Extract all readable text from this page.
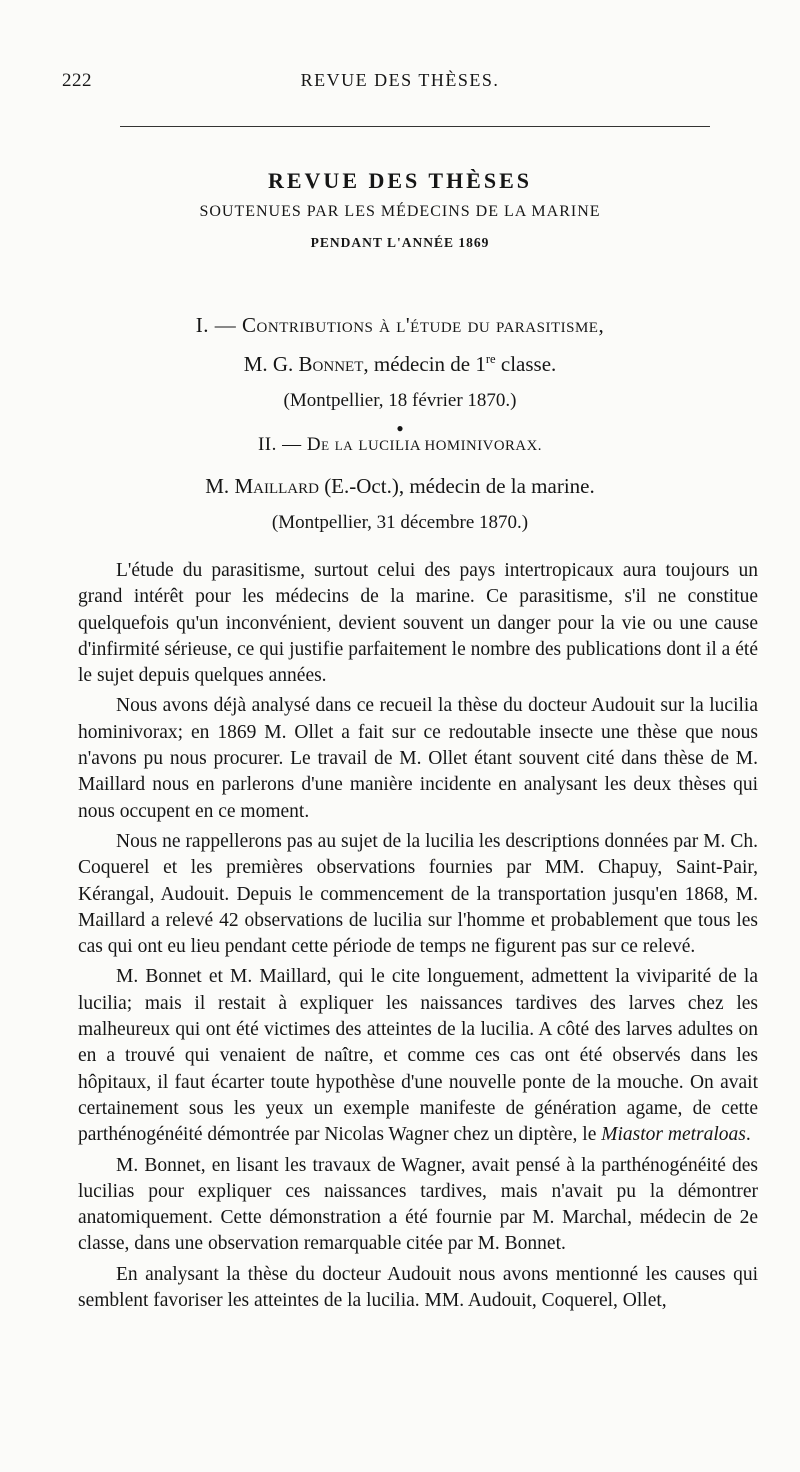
222	REVUE DES THÈSES.
REVUE DES THÈSES
SOUTENUES PAR LES MÉDECINS DE LA MARINE
PENDANT L'ANNÉE 1869
I. — Contributions à l'étude du parasitisme,
M. G. Bonnet, médecin de 1re classe.
(Montpellier, 18 février 1870.)
●
II. — De la LUCILIA HOMINIVORAX.
M. Maillard (E.-Oct.), médecin de la marine.
(Montpellier, 31 décembre 1870.)

L'étude du parasitisme, surtout celui des pays intertropicaux aura toujours un grand intérêt pour les médecins de la marine. Ce parasitisme, s'il ne constitue quelquefois qu'un inconvénient, devient souvent un danger pour la vie ou une cause d'infirmité sérieuse, ce qui justifie parfaitement le nombre des publications dont il a été le sujet depuis quelques années.

Nous avons déjà analysé dans ce recueil la thèse du docteur Audouit sur la lucilia hominivorax; en 1869 M. Ollet a fait sur ce redoutable insecte une thèse que nous n'avons pu nous procurer. Le travail de M. Ollet étant souvent cité dans thèse de M. Maillard nous en parlerons d'une manière incidente en analysant les deux thèses qui nous occupent en ce moment.

Nous ne rappellerons pas au sujet de la lucilia les descriptions données par M. Ch. Coquerel et les premières observations fournies par MM. Chapuy, Saint-Pair, Kérangal, Audouit. Depuis le commencement de la transportation jusqu'en 1868, M. Maillard a relevé 42 observations de lucilia sur l'homme et probablement que tous les cas qui ont eu lieu pendant cette période de temps ne figurent pas sur ce relevé.

M. Bonnet et M. Maillard, qui le cite longuement, admettent la viviparité de la lucilia; mais il restait à expliquer les naissances tardives des larves chez les malheureux qui ont été victimes des atteintes de la lucilia. A côté des larves adultes on en a trouvé qui venaient de naître, et comme ces cas ont été observés dans les hôpitaux, il faut écarter toute hypothèse d'une nouvelle ponte de la mouche. On avait certainement sous les yeux un exemple manifeste de génération agame, de cette parthénogénéité démontrée par Nicolas Wagner chez un diptère, le Miastor metraloas.

M. Bonnet, en lisant les travaux de Wagner, avait pensé à la parthénogénéité des lucilias pour expliquer ces naissances tardives, mais n'avait pu la démontrer anatomiquement. Cette démonstration a été fournie par M. Marchal, médecin de 2e classe, dans une observation remarquable citée par M. Bonnet.

En analysant la thèse du docteur Audouit nous avons mentionné les causes qui semblent favoriser les atteintes de la lucilia. MM. Audouit, Coquerel, Ollet,
